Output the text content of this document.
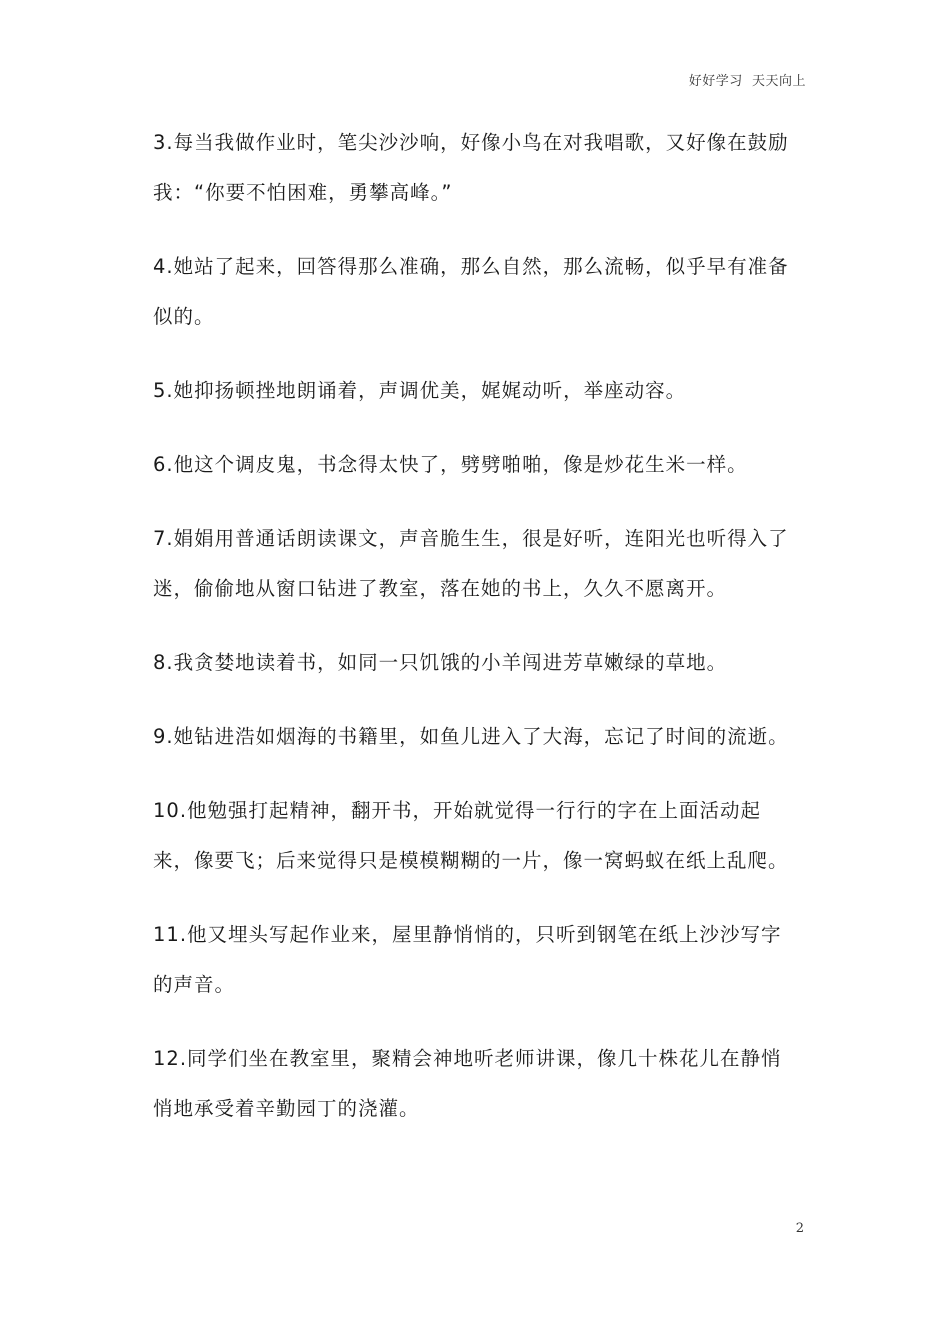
好好学习  天天向上

3.每当我做作业时，笔尖沙沙响，好像小鸟在对我唱歌，又好像在鼓励我：“你要不怕困难，勇攀高峰。”

4.她站了起来，回答得那么准确，那么自然，那么流畅，似乎早有准备似的。

5.她抑扬顿挫地朗诵着，声调优美，娓娓动听，举座动容。

6.他这个调皮鬼，书念得太快了，劈劈啪啪，像是炒花生米一样。

7.娟娟用普通话朗读课文，声音脆生生，很是好听，连阳光也听得入了迷，偷偷地从窗口钻进了教室，落在她的书上，久久不愿离开。

8.我贪婪地读着书，如同一只饥饿的小羊闯进芳草嫩绿的草地。

9.她钻进浩如烟海的书籍里，如鱼儿进入了大海，忘记了时间的流逝。

10.他勉强打起精神，翻开书，开始就觉得一行行的字在上面活动起来，像要飞；后来觉得只是模模糊糊的一片，像一窝蚂蚁在纸上乱爬。

11.他又埋头写起作业来，屋里静悄悄的，只听到钢笔在纸上沙沙写字的声音。

12.同学们坐在教室里，聚精会神地听老师讲课，像几十株花儿在静悄悄地承受着辛勤园丁的浇灌。

2
